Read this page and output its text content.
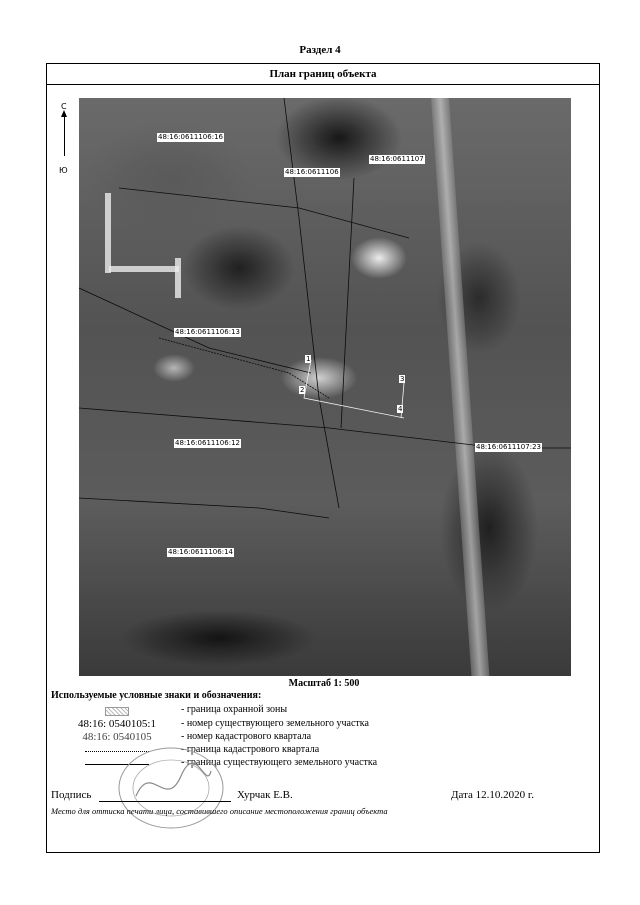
Раздел 4
План границ объекта
С
Ю
48:16:0611106:16
48:16:0611106
48:16:0611107
48:16:0611106:13
48:16:0611106:12	48:16:0611107:23
48:16:0611106:14
1
2
3
4
Масштаб 1: 500
Используемые условные знаки и обозначения:
- граница охранной зоны
48:16: 0540105:1	- номер существующего земельного участка
48:16: 0540105	- номер кадастрового квартала
- граница кадастрового квартала
- граница существующего земельного участка
Подпись	Хурчак Е.В.	Дата 12.10.2020 г.
Место для оттиска печати лица, составившего описание местоположения границ объекта
